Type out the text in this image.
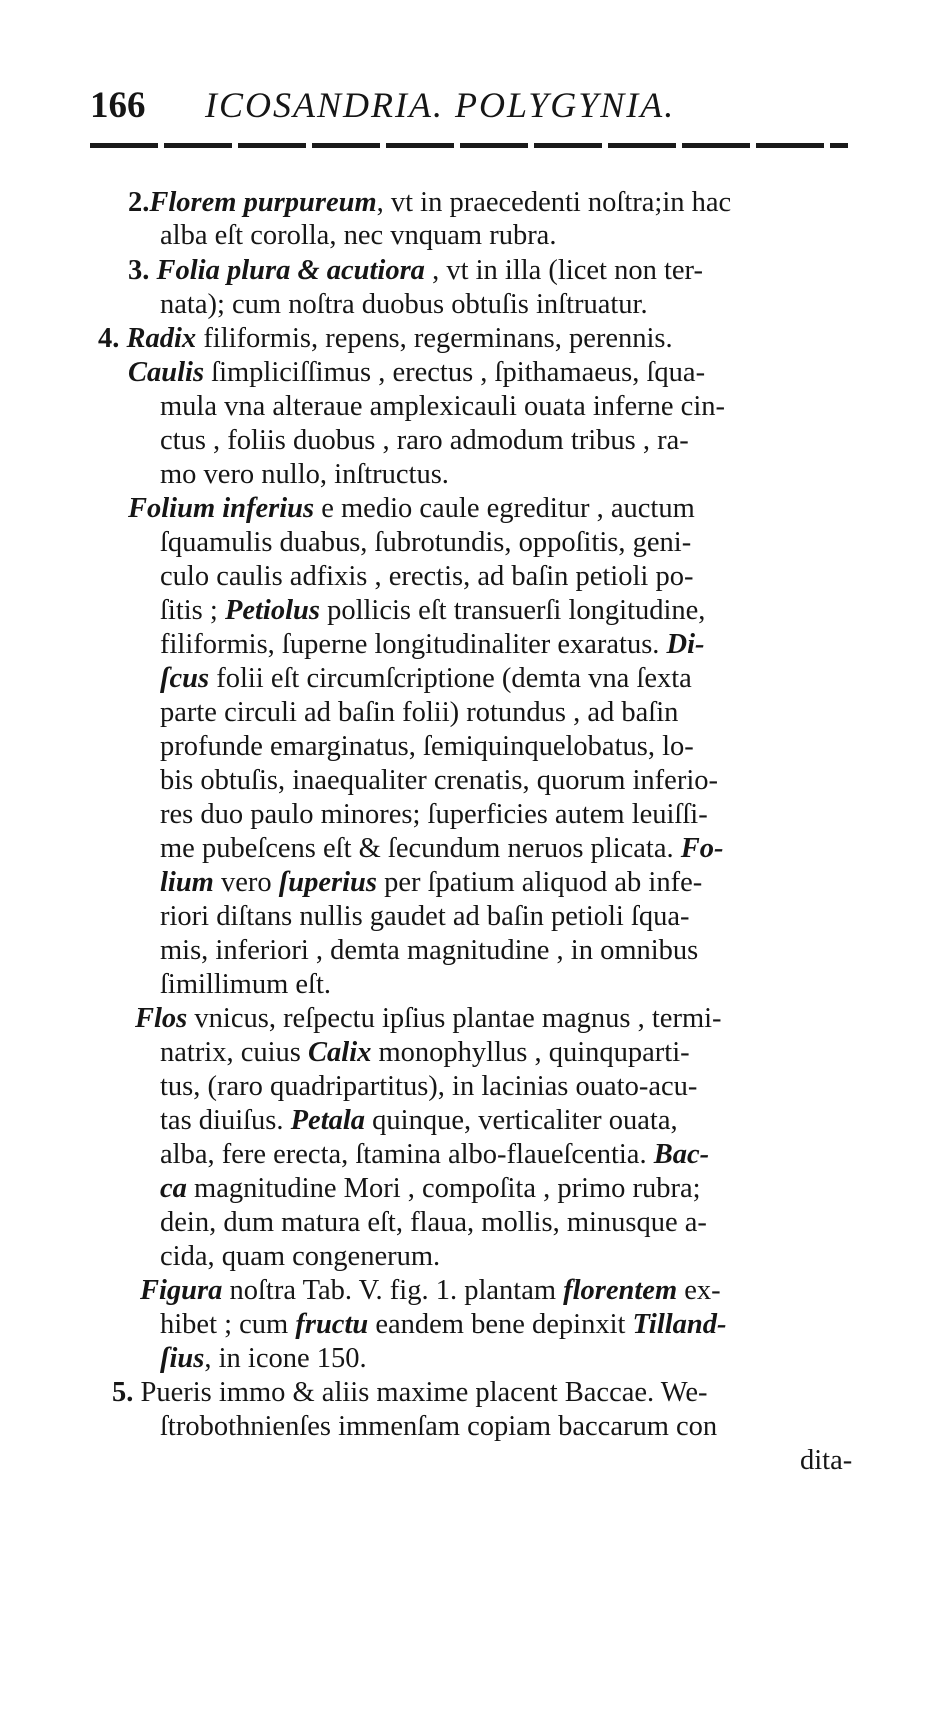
166 ICOSANDRIA. POLYGYNIA.
2.Florem purpureum, vt in praecedenti noſtra;in hac
alba eſt corolla, nec vnquam rubra.
3. Folia plura & acutiora , vt in illa (licet non ter-
nata); cum noſtra duobus obtuſis inſtruatur.
4. Radix filiformis, repens, regerminans, perennis.
Caulis ſimpliciſſimus , erectus , ſpithamaeus, ſqua-
mula vna alteraue amplexicauli ouata inferne cin-
ctus , foliis duobus , raro admodum tribus , ra-
mo vero nullo, inſtructus.
Folium inferius e medio caule egreditur , auctum
ſquamulis duabus, ſubrotundis, oppoſitis, geni-
culo caulis adfixis , erectis, ad baſin petioli po-
ſitis ; Petiolus pollicis eſt transuerſi longitudine,
filiformis, ſuperne longitudinaliter exaratus. Di-
ſcus folii eſt circumſcriptione (demta vna ſexta
parte circuli ad baſin folii) rotundus , ad baſin
profunde emarginatus, ſemiquinquelobatus, lo-
bis obtuſis, inaequaliter crenatis, quorum inferio-
res duo paulo minores; ſuperficies autem leuiſſi-
me pubeſcens eſt & ſecundum neruos plicata. Fo-
lium vero ſuperius per ſpatium aliquod ab infe-
riori diſtans nullis gaudet ad baſin petioli ſqua-
mis, inferiori , demta magnitudine , in omnibus
ſimillimum eſt.
Flos vnicus, reſpectu ipſius plantae magnus , termi-
natrix, cuius Calix monophyllus , quinquparti-
tus, (raro quadripartitus), in lacinias ouato-acu-
tas diuiſus. Petala quinque, verticaliter ouata,
alba, fere erecta, ſtamina albo-flaueſcentia. Bac-
ca magnitudine Mori , compoſita , primo rubra;
dein, dum matura eſt, flaua, mollis, minusque a-
cida, quam congenerum.
Figura noſtra Tab. V. fig. 1. plantam florentem ex-
hibet ; cum fructu eandem bene depinxit Tilland-
ſius, in icone 150.
5. Pueris immo & aliis maxime placent Baccae. We-
ſtrobothnienſes immenſam copiam baccarum con
dita-
